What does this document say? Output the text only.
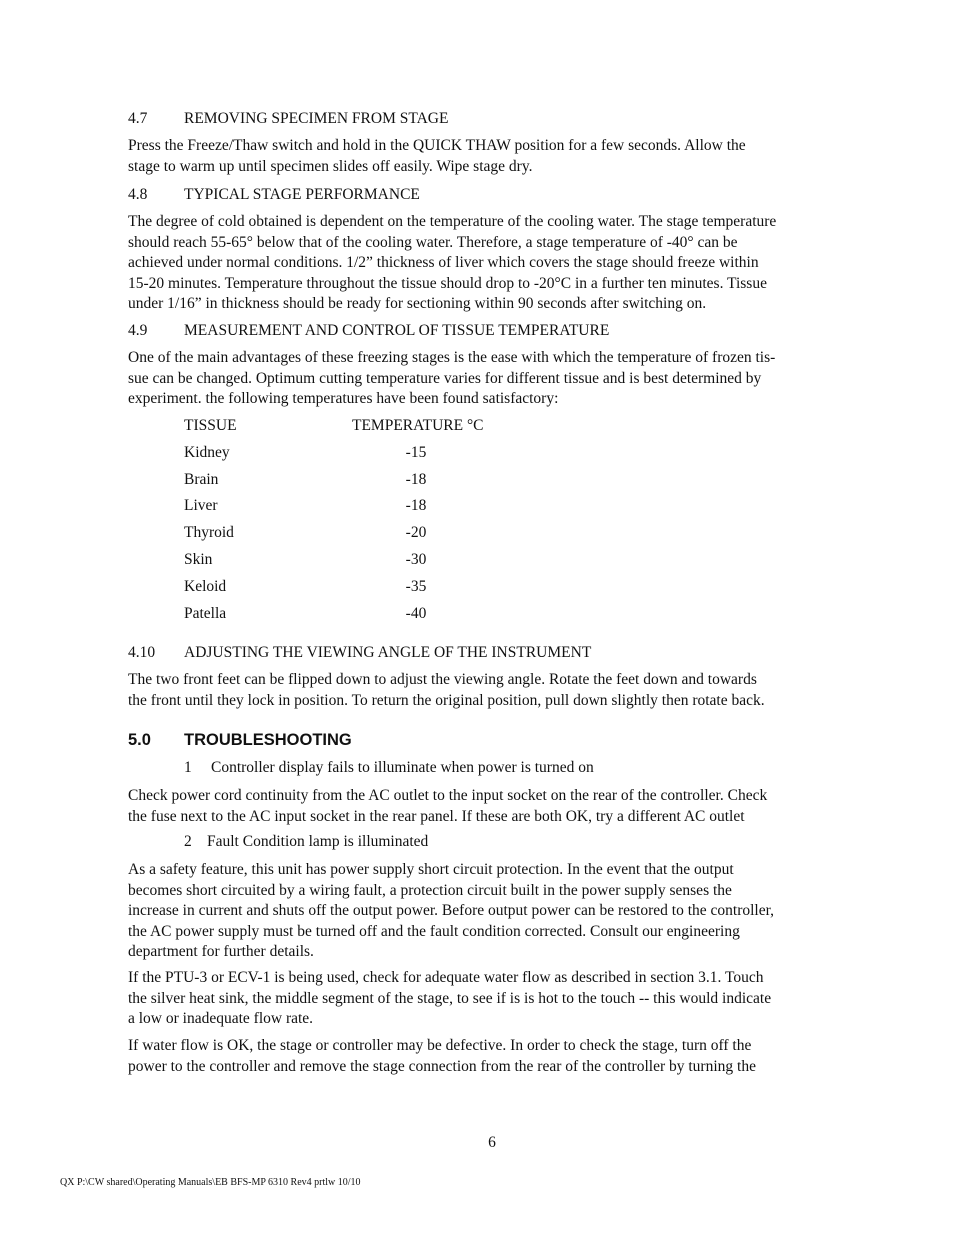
4.7 REMOVING SPECIMEN FROM STAGE
Press the Freeze/Thaw switch and hold in the QUICK THAW position for a few seconds. Allow the
stage to warm up until specimen slides off easily. Wipe stage dry.
4.8 TYPICAL STAGE PERFORMANCE
The degree of cold obtained is dependent on the temperature of the cooling water. The stage temperature
should reach 55-65° below that of the cooling water. Therefore, a stage temperature of -40° can be
achieved under normal conditions. 1/2” thickness of liver which covers the stage should freeze within
15-20 minutes. Temperature throughout the tissue should drop to -20°C in a further ten minutes. Tissue
under 1/16” in thickness should be ready for sectioning within 90 seconds after switching on.
4.9 MEASUREMENT AND CONTROL OF TISSUE TEMPERATURE
One of the main advantages of these freezing stages is the ease with which the temperature of frozen tis-
sue can be changed. Optimum cutting temperature varies for different tissue and is best determined by
experiment. the following temperatures have been found satisfactory:
TISSUE	TEMPERATURE °C
Kidney	-15
Brain	-18
Liver	-18
Thyroid	-20
Skin	-30
Keloid	-35
Patella	-40
4.10 ADJUSTING THE VIEWING ANGLE OF THE INSTRUMENT
The two front feet can be flipped down to adjust the viewing angle. Rotate the feet down and towards
the front until they lock in position. To return the original position, pull down slightly then rotate back.
5.0 TROUBLESHOOTING
1 Controller display fails to illuminate when power is turned on
Check power cord continuity from the AC outlet to the input socket on the rear of the controller. Check
the fuse next to the AC input socket in the rear panel. If these are both OK, try a different AC outlet
2 Fault Condition lamp is illuminated
As a safety feature, this unit has power supply short circuit protection. In the event that the output
becomes short circuited by a wiring fault, a protection circuit built in the power supply senses the
increase in current and shuts off the output power. Before output power can be restored to the controller,
the AC power supply must be turned off and the fault condition corrected. Consult our engineering
department for further details.
If the PTU-3 or ECV-1 is being used, check for adequate water flow as described in section 3.1. Touch
the silver heat sink, the middle segment of the stage, to see if is is hot to the touch -- this would indicate
a low or inadequate flow rate.
If water flow is OK, the stage or controller may be defective. In order to check the stage, turn off the
power to the controller and remove the stage connection from the rear of the controller by turning the
6
QX P:\CW shared\Operating Manuals\EB BFS-MP 6310 Rev4 prtlw 10/10
